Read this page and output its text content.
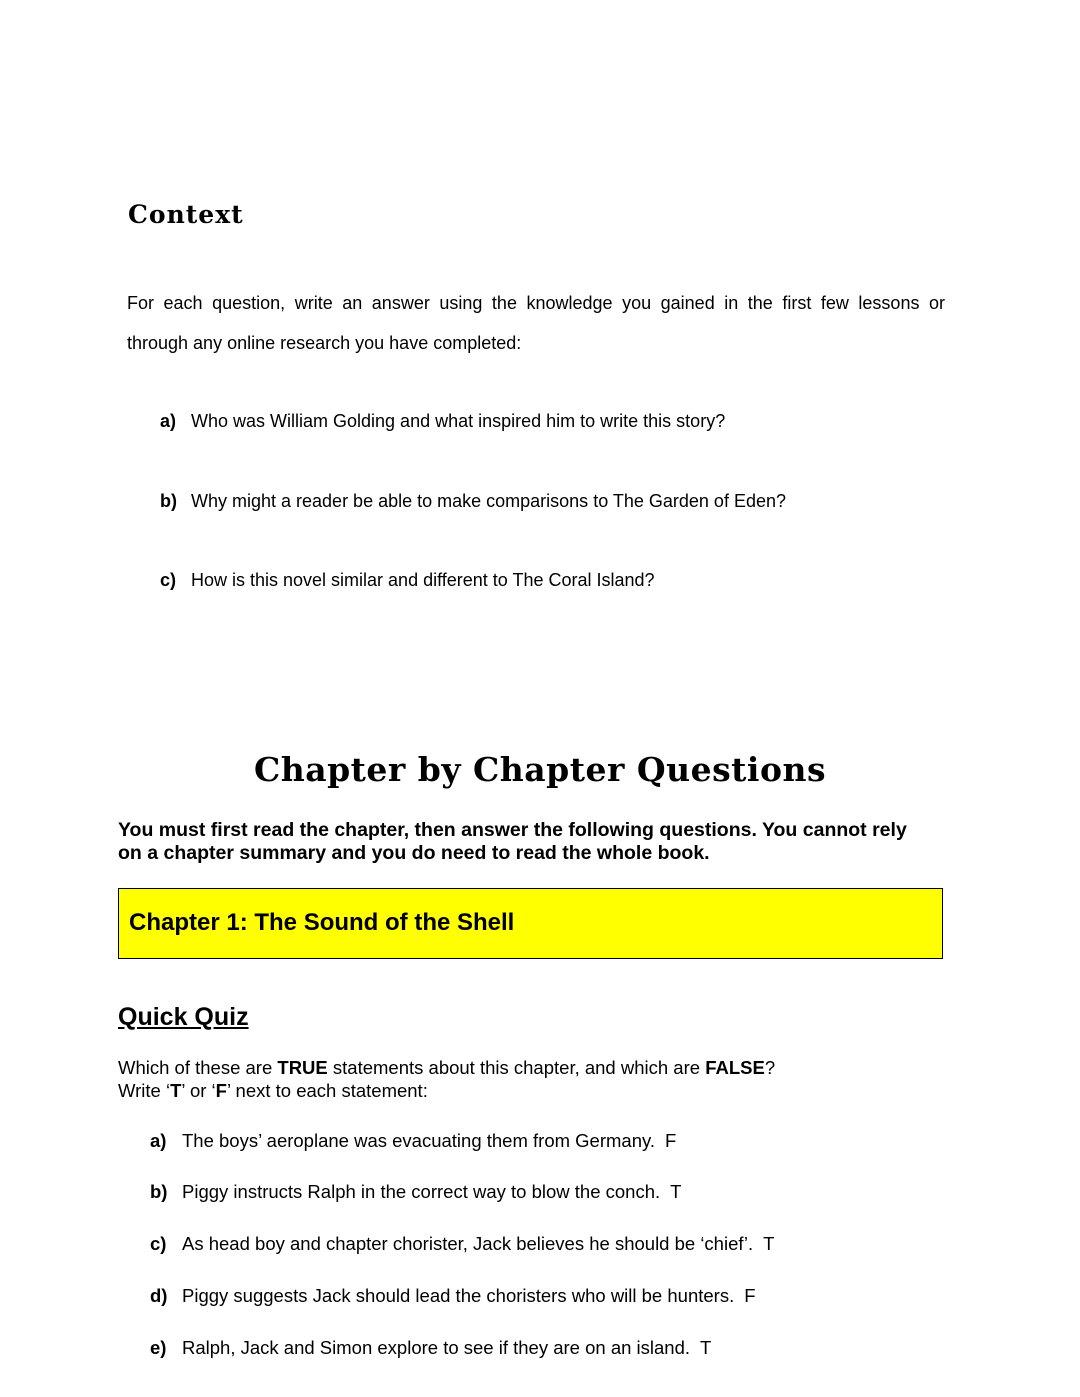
Context
For each question, write an answer using the knowledge you gained in the first few lessons or
through any online research you have completed:
a) Who was William Golding and what inspired him to write this story?
b) Why might a reader be able to make comparisons to The Garden of Eden?
c) How is this novel similar and different to The Coral Island?
Chapter by Chapter Questions
You must first read the chapter, then answer the following questions. You cannot rely
on a chapter summary and you do need to read the whole book.
Chapter 1: The Sound of the Shell
Quick Quiz
Which of these are TRUE statements about this chapter, and which are FALSE?
Write ‘T’ or ‘F’ next to each statement:
a) The boys’ aeroplane was evacuating them from Germany. F
b) Piggy instructs Ralph in the correct way to blow the conch. T
c) As head boy and chapter chorister, Jack believes he should be ‘chief’. T
d) Piggy suggests Jack should lead the choristers who will be hunters. F
e) Ralph, Jack and Simon explore to see if they are on an island. T
